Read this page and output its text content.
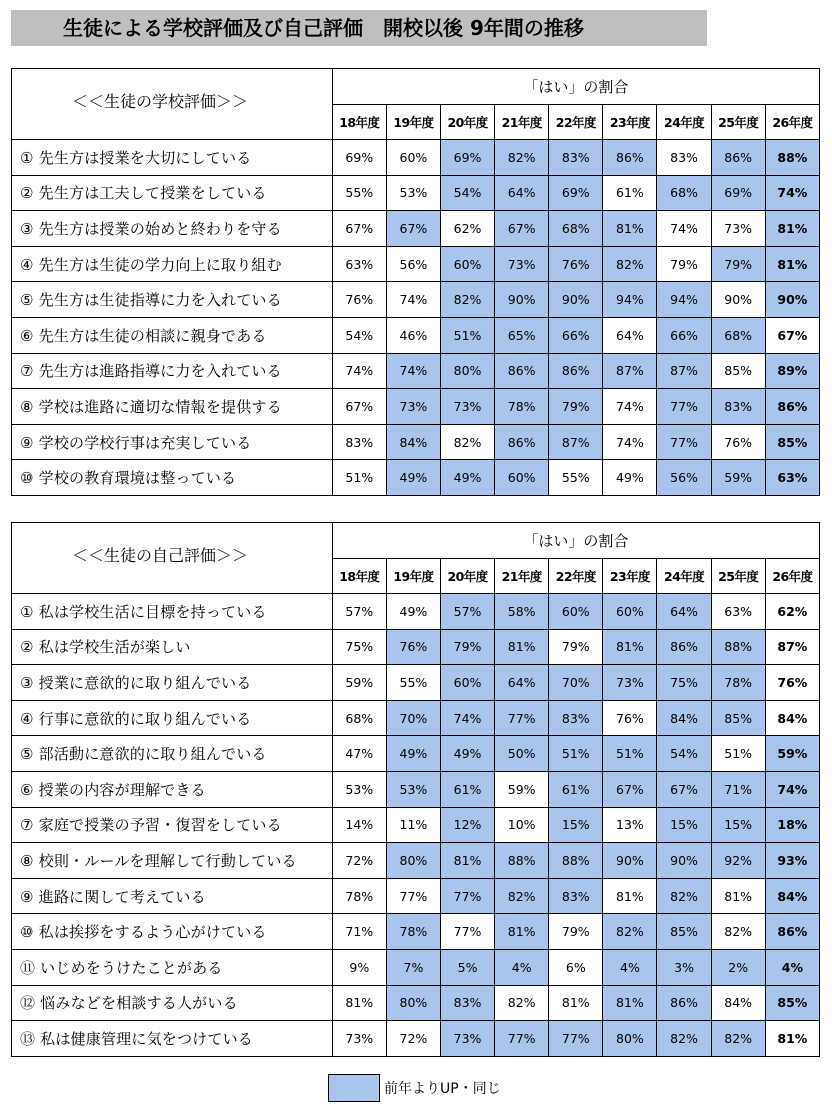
生徒による学校評価及び自己評価　開校以後 9年間の推移
＜＜生徒の学校評価＞＞	「はい」の割合								
	18年度	19年度	20年度	21年度	22年度	23年度	24年度	25年度	26年度
① 先生方は授業を大切にしている	69%	60%	69%	82%	83%	86%	83%	86%	88%
② 先生方は工夫して授業をしている	55%	53%	54%	64%	69%	61%	68%	69%	74%
③ 先生方は授業の始めと終わりを守る	67%	67%	62%	67%	68%	81%	74%	73%	81%
④ 先生方は生徒の学力向上に取り組む	63%	56%	60%	73%	76%	82%	79%	79%	81%
⑤ 先生方は生徒指導に力を入れている	76%	74%	82%	90%	90%	94%	94%	90%	90%
⑥ 先生方は生徒の相談に親身である	54%	46%	51%	65%	66%	64%	66%	68%	67%
⑦ 先生方は進路指導に力を入れている	74%	74%	80%	86%	86%	87%	87%	85%	89%
⑧ 学校は進路に適切な情報を提供する	67%	73%	73%	78%	79%	74%	77%	83%	86%
⑨ 学校の学校行事は充実している	83%	84%	82%	86%	87%	74%	77%	76%	85%
⑩ 学校の教育環境は整っている	51%	49%	49%	60%	55%	49%	56%	59%	63%
＜＜生徒の自己評価＞＞	「はい」の割合								
	18年度	19年度	20年度	21年度	22年度	23年度	24年度	25年度	26年度
① 私は学校生活に目標を持っている	57%	49%	57%	58%	60%	60%	64%	63%	62%
② 私は学校生活が楽しい	75%	76%	79%	81%	79%	81%	86%	88%	87%
③ 授業に意欲的に取り組んでいる	59%	55%	60%	64%	70%	73%	75%	78%	76%
④ 行事に意欲的に取り組んでいる	68%	70%	74%	77%	83%	76%	84%	85%	84%
⑤ 部活動に意欲的に取り組んでいる	47%	49%	49%	50%	51%	51%	54%	51%	59%
⑥ 授業の内容が理解できる	53%	53%	61%	59%	61%	67%	67%	71%	74%
⑦ 家庭で授業の予習・復習をしている	14%	11%	12%	10%	15%	13%	15%	15%	18%
⑧ 校則・ルールを理解して行動している	72%	80%	81%	88%	88%	90%	90%	92%	93%
⑨ 進路に関して考えている	78%	77%	77%	82%	83%	81%	82%	81%	84%
⑩ 私は挨拶をするよう心がけている	71%	78%	77%	81%	79%	82%	85%	82%	86%
⑪ いじめをうけたことがある	9%	7%	5%	4%	6%	4%	3%	2%	4%
⑫ 悩みなどを相談する人がいる	81%	80%	83%	82%	81%	81%	86%	84%	85%
⑬ 私は健康管理に気をつけている	73%	72%	73%	77%	77%	80%	82%	82%	81%
前年よりUP・同じ
